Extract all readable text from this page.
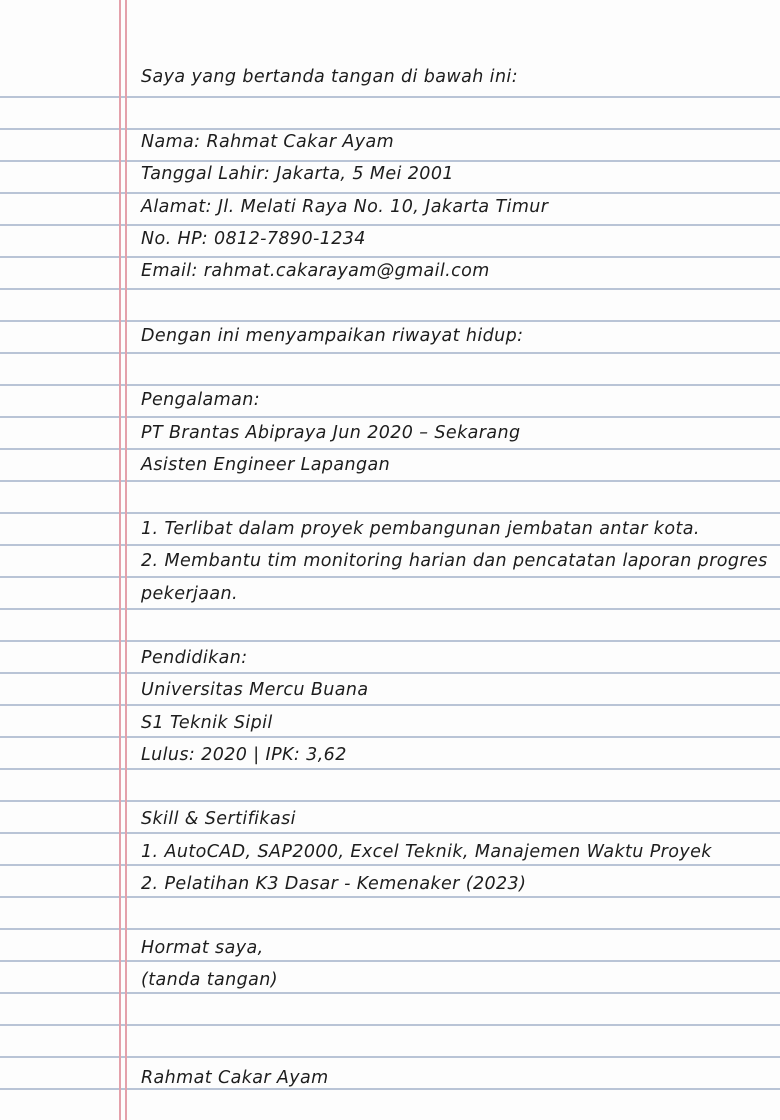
Saya yang bertanda tangan di bawah ini:
Nama: Rahmat Cakar Ayam
Tanggal Lahir: Jakarta, 5 Mei 2001
Alamat: Jl. Melati Raya No. 10, Jakarta Timur
No. HP: 0812-7890-1234
Email: rahmat.cakarayam@gmail.com
Dengan ini menyampaikan riwayat hidup:
Pengalaman:
PT Brantas Abipraya Jun 2020 – Sekarang
Asisten Engineer Lapangan
1. Terlibat dalam proyek pembangunan jembatan antar kota.
2. Membantu tim monitoring harian dan pencatatan laporan progres
pekerjaan.
Pendidikan:
Universitas Mercu Buana
S1 Teknik Sipil
Lulus: 2020 | IPK: 3,62
Skill & Sertifikasi
1. AutoCAD, SAP2000, Excel Teknik, Manajemen Waktu Proyek
2. Pelatihan K3 Dasar - Kemenaker (2023)
Hormat saya,
(tanda tangan)
Rahmat Cakar Ayam
